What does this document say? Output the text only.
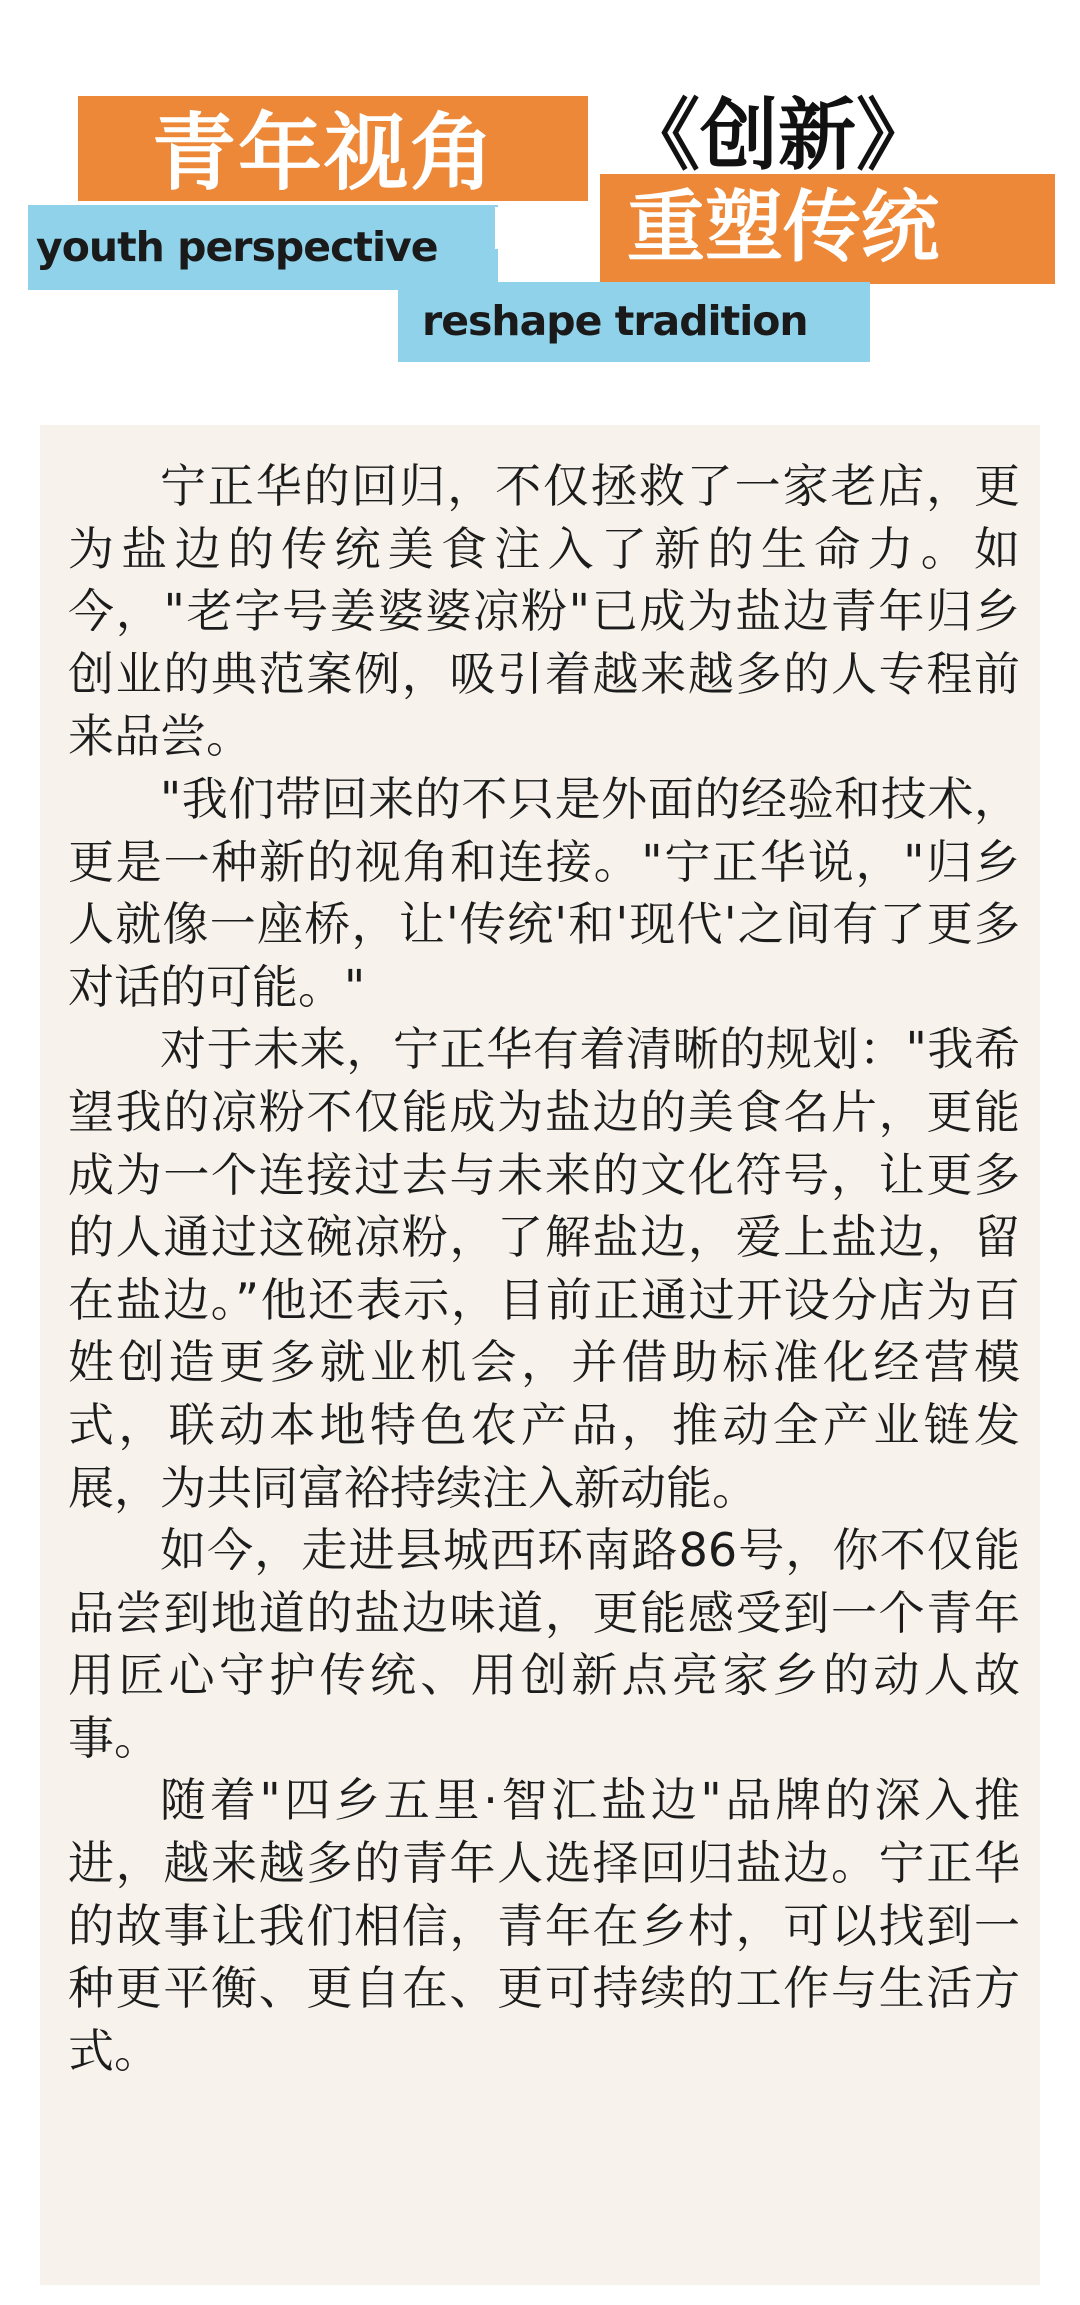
青年视角
youth perspective
《创新》
重塑传统
reshape tradition

宁正华的回归，不仅拯救了一家老店，更为盐边的传统美食注入了新的生命力。如今，"老字号姜婆婆凉粉"已成为盐边青年归乡创业的典范案例，吸引着越来越多的人专程前来品尝。

"我们带回来的不只是外面的经验和技术，更是一种新的视角和连接。"宁正华说，"归乡人就像一座桥，让'传统'和'现代'之间有了更多对话的可能。"

对于未来，宁正华有着清晰的规划："我希望我的凉粉不仅能成为盐边的美食名片，更能成为一个连接过去与未来的文化符号，让更多的人通过这碗凉粉，了解盐边，爱上盐边，留在盐边。”他还表示，目前正通过开设分店为百姓创造更多就业机会，并借助标准化经营模式，联动本地特色农产品，推动全产业链发展，为共同富裕持续注入新动能。

如今，走进县城西环南路86号，你不仅能品尝到地道的盐边味道，更能感受到一个青年用匠心守护传统、用创新点亮家乡的动人故事。

随着"四乡五里·智汇盐边"品牌的深入推进，越来越多的青年人选择回归盐边。宁正华的故事让我们相信，青年在乡村，可以找到一种更平衡、更自在、更可持续的工作与生活方式。
